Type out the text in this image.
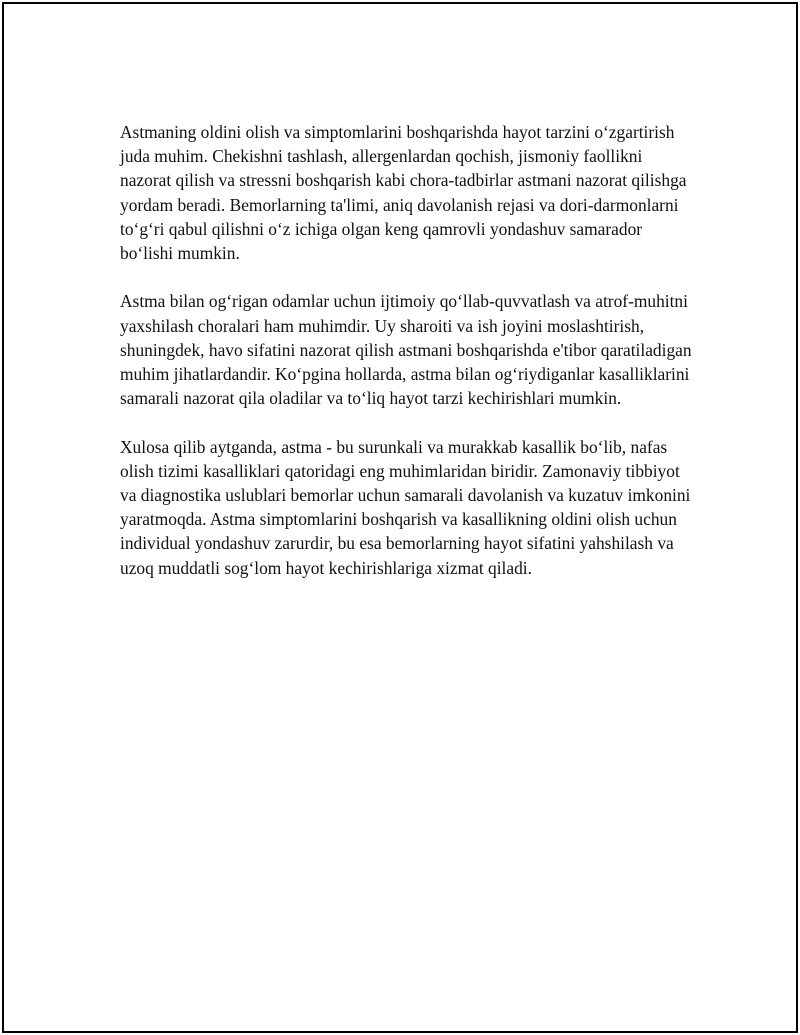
Astmaning oldini olish va simptomlarini boshqarishda hayot tarzini o‘zgartirish juda muhim. Chekishni tashlash, allergenlardan qochish, jismoniy faollikni nazorat qilish va stressni boshqarish kabi chora-tadbirlar astmani nazorat qilishga yordam beradi. Bemorlarning ta'limi, aniq davolanish rejasi va dori-darmonlarni to‘g‘ri qabul qilishni o‘z ichiga olgan keng qamrovli yondashuv samarador bo‘lishi mumkin.

Astma bilan og‘rigan odamlar uchun ijtimoiy qo‘llab-quvvatlash va atrof-muhitni yaxshilash choralari ham muhimdir. Uy sharoiti va ish joyini moslashtirish, shuningdek, havo sifatini nazorat qilish astmani boshqarishda e'tibor qaratiladigan muhim jihatlardandir. Ko‘pgina hollarda, astma bilan og‘riydiganlar kasalliklarini samarali nazorat qila oladilar va to‘liq hayot tarzi kechirishlari mumkin.

Xulosa qilib aytganda, astma - bu surunkali va murakkab kasallik bo‘lib, nafas olish tizimi kasalliklari qatoridagi eng muhimlaridan biridir. Zamonaviy tibbiyot va diagnostika uslublari bemorlar uchun samarali davolanish va kuzatuv imkonini yaratmoqda. Astma simptomlarini boshqarish va kasallikning oldini olish uchun individual yondashuv zarurdir, bu esa bemorlarning hayot sifatini yahshilash va uzoq muddatli sog‘lom hayot kechirishlariga xizmat qiladi.
